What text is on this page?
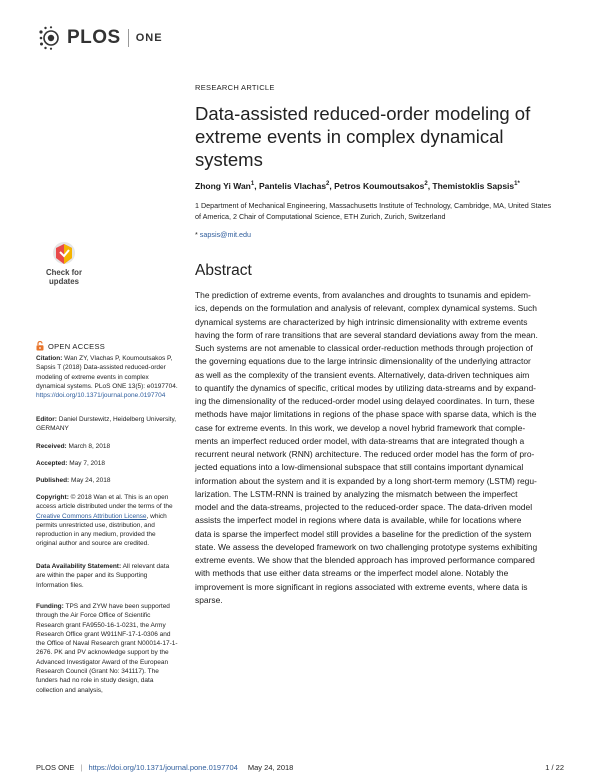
PLOS ONE
RESEARCH ARTICLE
Data-assisted reduced-order modeling of extreme events in complex dynamical systems
Zhong Yi Wan$^1$, Pantelis Vlachas$^2$, Petros Koumoutsakos$^2$, Themistoklis Sapsis$^{1*}$
1 Department of Mechanical Engineering, Massachusetts Institute of Technology, Cambridge, MA, United States of America, 2 Chair of Computational Science, ETH Zurich, Zurich, Switzerland
* sapsis@mit.edu
Check for
updates
OPEN ACCESS
Citation: Wan ZY, Vlachas P, Koumoutsakos P, Sapsis T (2018) Data-assisted reduced-order modeling of extreme events in complex dynamical systems. PLoS ONE 13(5): e0197704. https://doi.org/10.1371/journal.pone.0197704
Editor: Daniel Durstewitz, Heidelberg University, GERMANY
Received: March 8, 2018
Accepted: May 7, 2018
Published: May 24, 2018
Copyright: © 2018 Wan et al. This is an open access article distributed under the terms of the Creative Commons Attribution License, which permits unrestricted use, distribution, and reproduction in any medium, provided the original author and source are credited.
Data Availability Statement: All relevant data are within the paper and its Supporting Information files.
Funding: TPS and ZYW have been supported through the Air Force Office of Scientific Research grant FA9550-16-1-0231, the Army Research Office grant W911NF-17-1-0306 and the Office of Naval Research grant N00014-17-1-2676. PK and PV acknowledge support by the Advanced Investigator Award of the European Research Council (Grant No: 341117). The funders had no role in study design, data collection and analysis,
Abstract
The prediction of extreme events, from avalanches and droughts to tsunamis and epidem-
ics, depends on the formulation and analysis of relevant, complex dynamical systems. Such
dynamical systems are characterized by high intrinsic dimensionality with extreme events
having the form of rare transitions that are several standard deviations away from the mean.
Such systems are not amenable to classical order-reduction methods through projection of
the governing equations due to the large intrinsic dimensionality of the underlying attractor
as well as the complexity of the transient events. Alternatively, data-driven techniques aim
to quantify the dynamics of specific, critical modes by utilizing data-streams and by expand-
ing the dimensionality of the reduced-order model using delayed coordinates. In turn, these
methods have major limitations in regions of the phase space with sparse data, which is the
case for extreme events. In this work, we develop a novel hybrid framework that comple-
ments an imperfect reduced order model, with data-streams that are integrated though a
recurrent neural network (RNN) architecture. The reduced order model has the form of pro-
jected equations into a low-dimensional subspace that still contains important dynamical
information about the system and it is expanded by a long short-term memory (LSTM) regu-
larization. The LSTM-RNN is trained by analyzing the mismatch between the imperfect
model and the data-streams, projected to the reduced-order space. The data-driven model
assists the imperfect model in regions where data is available, while for locations where
data is sparse the imperfect model still provides a baseline for the prediction of the system
state. We assess the developed framework on two challenging prototype systems exhibiting
extreme events. We show that the blended approach has improved performance compared
with methods that use either data streams or the imperfect model alone. Notably the
improvement is more significant in regions associated with extreme events, where data is
sparse.
PLOS ONE | https://doi.org/10.1371/journal.pone.0197704 May 24, 2018	1 / 22
